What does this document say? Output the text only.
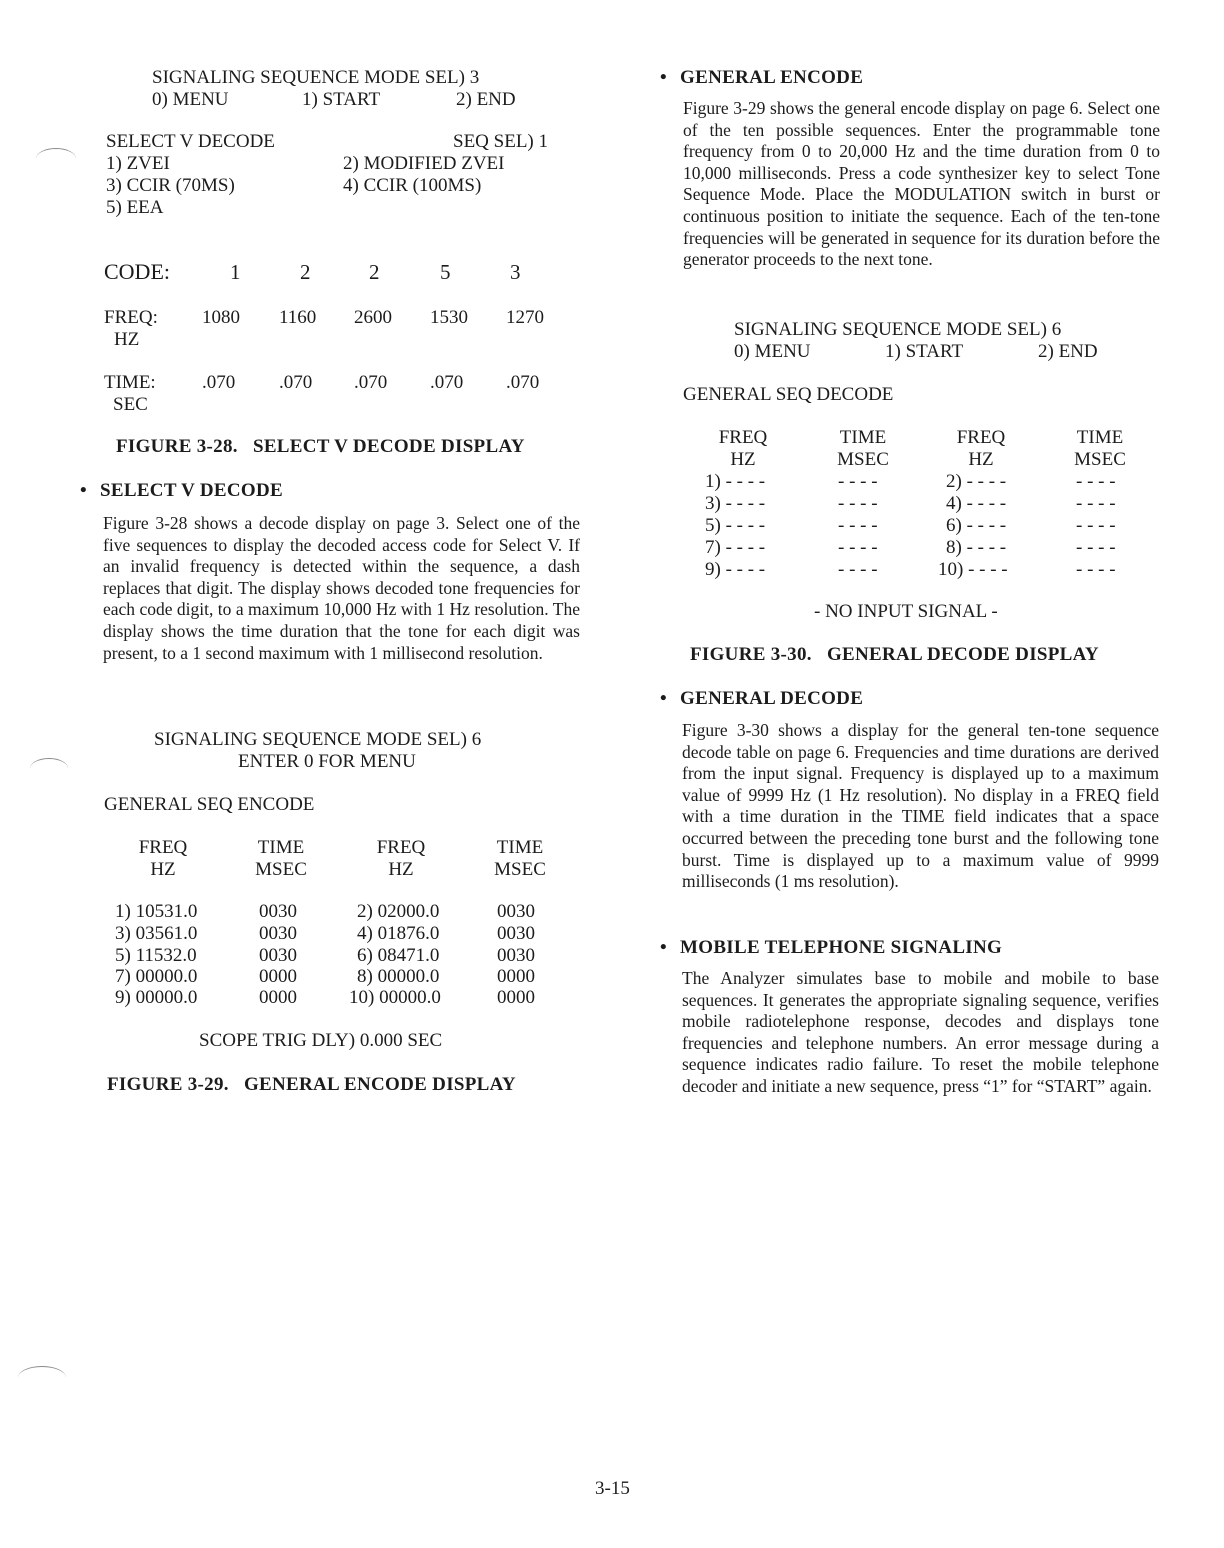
SIGNALING SEQUENCE MODE SEL) 3
0) MENU	1) START	2) END
SELECT V DECODE	SEQ SEL) 1
1) ZVEI	2) MODIFIED ZVEI
3) CCIR (70MS)	4) CCIR (100MS)
5) EEA
CODE:	1	2	2	5	3
FREQ:
HZ
1080 1160 2600 1530 1270
TIME:
SEC
.070 .070 .070 .070 .070
FIGURE 3-28.   SELECT V DECODE DISPLAY
• SELECT V DECODE
Figure 3-28 shows a decode display on page 3. Select one of the five sequences to display the decoded access code for Select V. If an invalid frequency is detected within the sequence, a dash replaces that digit. The display shows decoded tone frequencies for each code digit, to a maximum 10,000 Hz with 1 Hz resolution. The display shows the time duration that the tone for each digit was present, to a 1 second maximum with 1 millisecond resolution.
SIGNALING SEQUENCE MODE SEL) 6
ENTER 0 FOR MENU
GENERAL SEQ ENCODE
FREQ
HZ
TIME
MSEC
FREQ
HZ
TIME
MSEC
1) 10531.0	0030	2) 02000.0	0030
3) 03561.0	0030	4) 01876.0	0030
5) 11532.0	0030	6) 08471.0	0030
7) 00000.0	0000	8) 00000.0	0000
9) 00000.0	0000	10) 00000.0	0000
SCOPE TRIG DLY) 0.000 SEC
FIGURE 3-29.   GENERAL ENCODE DISPLAY
• GENERAL ENCODE
Figure 3-29 shows the general encode display on page 6. Select one of the ten possible sequences. Enter the programmable tone frequency from 0 to 20,000 Hz and the time duration from 0 to 10,000 milliseconds. Press a code synthesizer key to select Tone Sequence Mode. Place the MODULATION switch in burst or continuous position to initiate the sequence. Each of the ten-tone frequencies will be generated in sequence for its duration before the generator proceeds to the next tone.
SIGNALING SEQUENCE MODE SEL) 6
0) MENU	1) START	2) END
GENERAL SEQ DECODE
FREQ
HZ
TIME
MSEC
FREQ
HZ
TIME
MSEC
1) - - - -	- - - -	2) - - - -	- - - -
3) - - - -	- - - -	4) - - - -	- - - -
5) - - - -	- - - -	6) - - - -	- - - -
7) - - - -	- - - -	8) - - - -	- - - -
9) - - - -	- - - -	10) - - - -	- - - -
- NO INPUT SIGNAL -
FIGURE 3-30.   GENERAL DECODE DISPLAY
• GENERAL DECODE
Figure 3-30 shows a display for the general ten-tone sequence decode table on page 6. Frequencies and time durations are derived from the input signal. Frequency is displayed up to a maximum value of 9999 Hz (1 Hz resolution). No display in a FREQ field with a time duration in the TIME field indicates that a space occurred between the preceding tone burst and the following tone burst. Time is displayed up to a maximum value of 9999 milliseconds (1 ms resolution).
• MOBILE TELEPHONE SIGNALING
The Analyzer simulates base to mobile and mobile to base sequences. It generates the appropriate signaling sequence, verifies mobile radiotelephone response, decodes and displays tone frequencies and telephone numbers. An error message during a sequence indicates radio failure. To reset the mobile telephone decoder and initiate a new sequence, press “1” for “START” again.
3-15
